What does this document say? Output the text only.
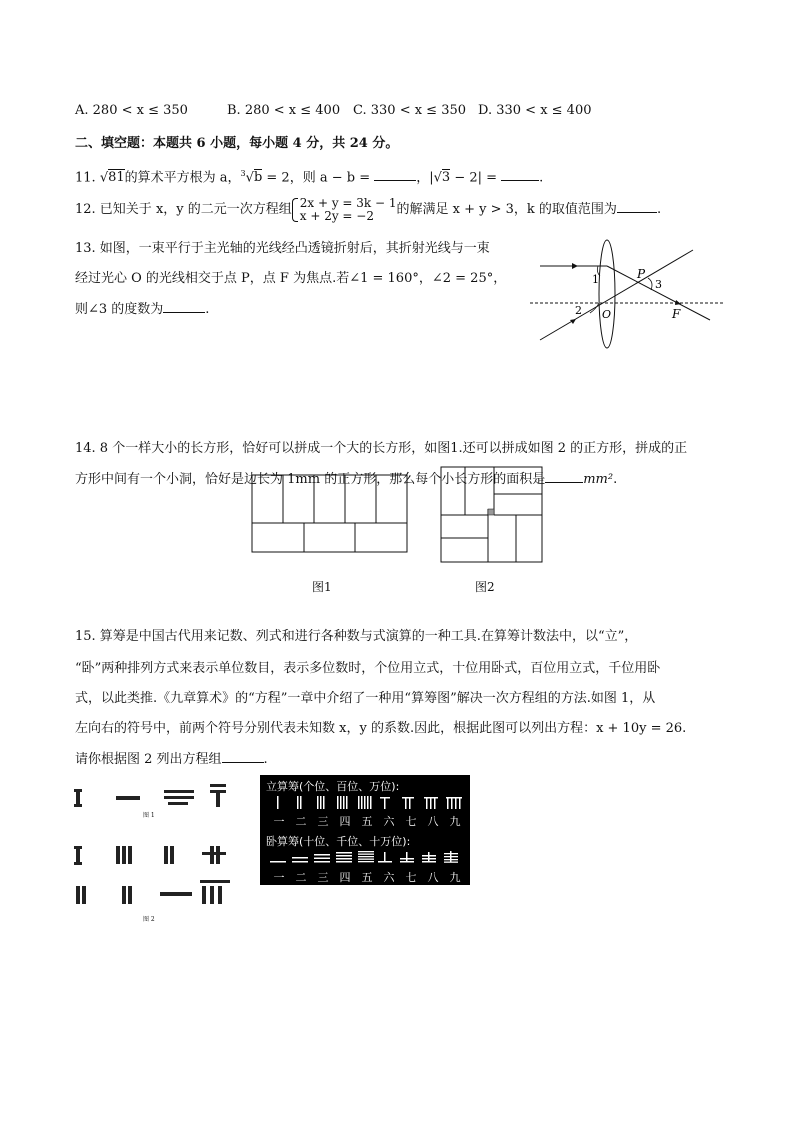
A. 280 < x ≤ 350	B. 280 < x ≤ 400 C. 330 < x ≤ 350 D. 330 < x ≤ 400
二、填空题：本题共 6 小题，每小题 4 分，共 24 分。
11. √81的算术平方根为 a，$^3$√b = 2，则 a − b =	，|√3 − 2| =	.
12. 已知关于 x，y 的二元一次方程组 2x + y = 3k − 1
x + 2y = −2	的解满足 x + y > 3，k 的取值范围为	.
13. 如图，一束平行于主光轴的光线经凸透镜折射后，其折射光线与一束
经过光心 O 的光线相交于点 P，点 F 为焦点.若∠1 = 160°，∠2 = 25°，
则∠3 的度数为	.
P
O	F
1
2
3
14. 8 个一样大小的长方形，恰好可以拼成一个大的长方形，如图1.还可以拼成如图 2 的正方形，拼成的正
方形中间有一个小洞，恰好是边长为 1mm 的正方形，那么每个小长方形的面积是	mm².
图1	图2
15. 算筹是中国古代用来记数、列式和进行各种数与式演算的一种工具.在算筹计数法中，以“立”，
“卧”两种排列方式来表示单位数目，表示多位数时，个位用立式，十位用卧式，百位用立式，千位用卧
式，以此类推.《九章算术》的“方程”一章中介绍了一种用“算筹图”解决一次方程组的方法.如图 1，从
左向右的符号中，前两个符号分别代表未知数 x，y 的系数.因此，根据此图可以列出方程：x + 10y = 26.
请你根据图 2 列出方程组	.
图 1
图 2
立算筹(个位、百位、万位):
一 二 三 四 五 六 七 八 九
卧算筹(十位、千位、十万位):
一 二 三 四 五 六 七 八 九
